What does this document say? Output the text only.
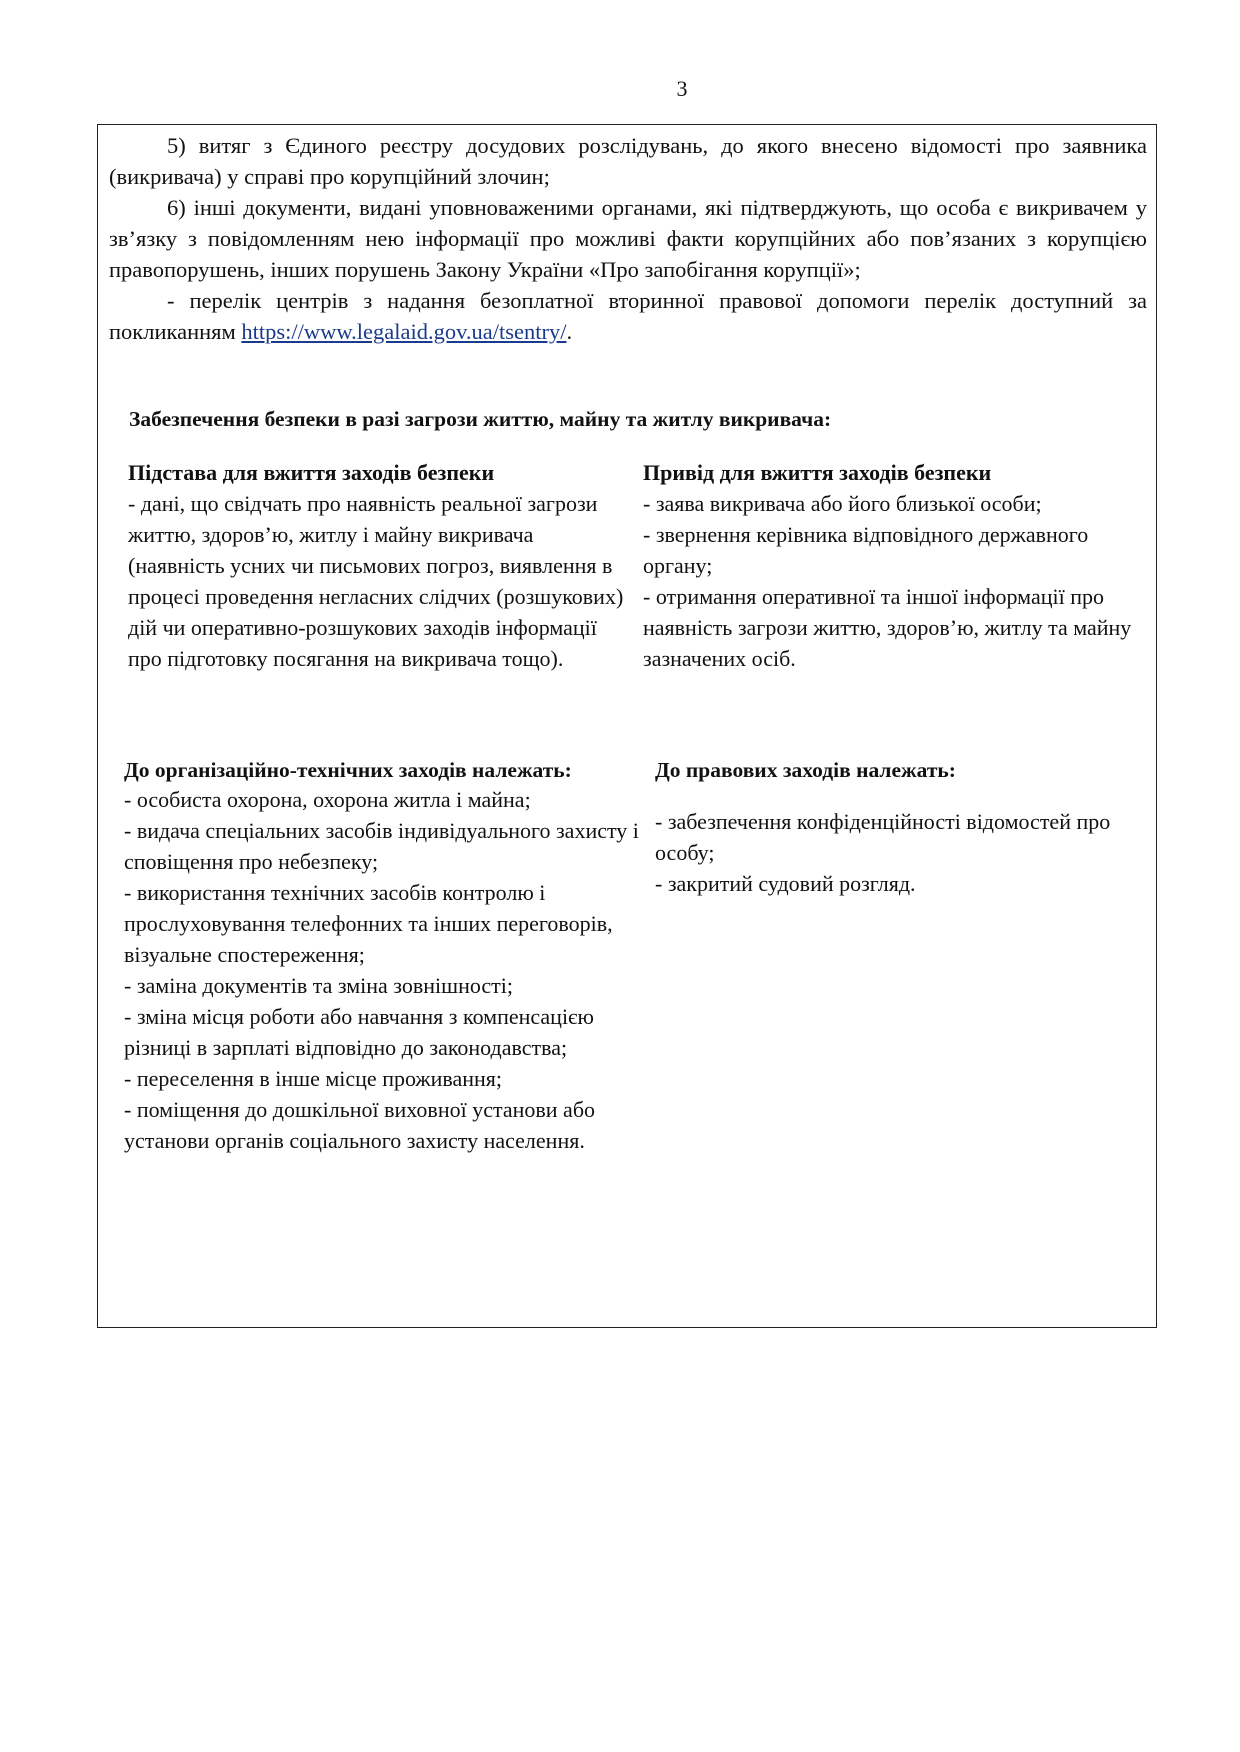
3

5) витяг з Єдиного реєстру досудових розслідувань, до якого внесено відомості про заявника (викривача) у справі про корупційний злочин;

6) інші документи, видані уповноваженими органами, які підтверджують, що особа є викривачем у зв’язку з повідомленням нею інформації про можливі факти корупційних або пов’язаних з корупцією правопорушень, інших порушень Закону України «Про запобігання корупції»;

- перелік центрів з надання безоплатної вторинної правової допомоги перелік доступний за покликанням https://www.legalaid.gov.ua/tsentry/.

Забезпечення безпеки в разі загрози життю, майну та житлу викривача:
Підстава для вжиття заходів безпеки

- дані, що свідчать про наявність реальної загрози життю, здоров’ю, житлу і майну викривача (наявність усних чи письмових погроз, виявлення в процесі проведення негласних слідчих (розшукових) дій чи оперативно-розшукових заходів інформації про підготовку посягання на викривача тощо).

Привід для вжиття заходів безпеки

- заява викривача або його близької особи;

- звернення керівника відповідного державного органу;

- отримання оперативної та іншої інформації про наявність загрози життю, здоров’ю, житлу та майну зазначених осіб.

До організаційно-технічних заходів належать:

- особиста охорона, охорона житла і майна;

- видача спеціальних засобів індивідуального захисту і сповіщення про небезпеку;

- використання технічних засобів контролю і прослуховування телефонних та інших переговорів, візуальне спостереження;

- заміна документів та зміна зовнішності;

- зміна місця роботи або навчання з компенсацією різниці в зарплаті відповідно до законодавства;

- переселення в інше місце проживання;

- поміщення до дошкільної виховної установи або установи органів соціального захисту населення.

До правових заходів належать:

- забезпечення конфіденційності відомостей про особу;

- закритий судовий розгляд.
